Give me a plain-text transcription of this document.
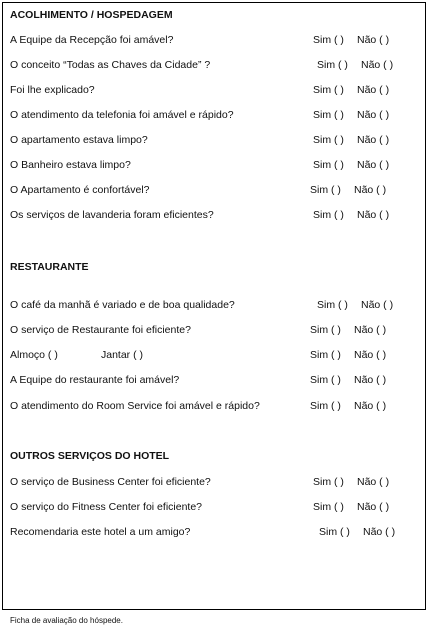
ACOLHIMENTO / HOSPEDAGEM
A Equipe da Recepção foi amável?	Sim ( ) Não ( )
O conceito “Todas as Chaves da Cidade” ?	Sim ( ) Não ( )
Foi lhe explicado?	Sim ( ) Não ( )
O atendimento da telefonia foi amável e rápido?	Sim ( ) Não ( )
O apartamento estava limpo?	Sim ( ) Não ( )
O Banheiro estava limpo?	Sim ( ) Não ( )
O Apartamento é confortável?	Sim ( ) Não ( )
Os serviços de lavanderia foram eficientes?	Sim ( ) Não ( )
RESTAURANTE
O café da manhã é variado e de boa qualidade?	Sim ( ) Não ( )
O serviço de Restaurante foi eficiente?	Sim ( ) Não ( )
Almoço ( )	Jantar ( )	Sim ( ) Não ( )
A Equipe do restaurante foi amável?	Sim ( ) Não ( )
O atendimento do Room Service foi amável e rápido?	Sim ( ) Não ( )
OUTROS SERVIÇOS DO HOTEL
O serviço de Business Center foi eficiente?	Sim ( ) Não ( )
O serviço do Fitness Center foi eficiente?	Sim ( ) Não ( )
Recomendaria este hotel a um amigo?	Sim ( ) Não ( )
Ficha de avaliação do hóspede.
